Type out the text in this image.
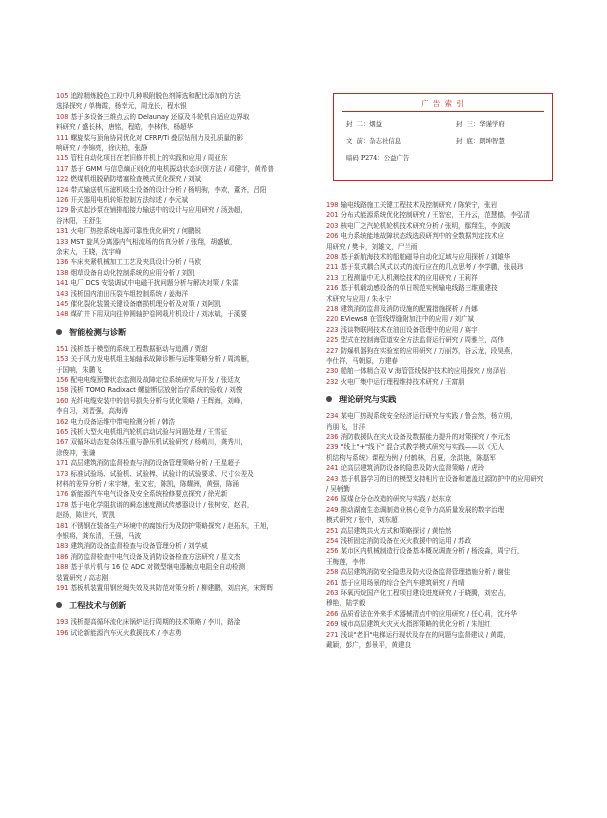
105 追踪精炼脱色工段中几种吸附脱色剂筛选和配比添加的方法
选择探究 / 单梅霞，杨幸元，周龙长，程水银
108 基于多设备三维点云的 Delaunay 还原及斗轮机自适应边界取
料研究 / 盛长林，唐铭，程皓，李林伟，杨超华
111 螺旋桨与顶角协同优化对 CFRP/Ti 叠层钻削力及孔质量的影
响研究 / 李锦亮，徐庆柏，张静
115 管柱自动化项目在老旧修井机上的实践和应用 / 周亚东
117 基于 GMM 与信息熵正则化的电机振动状态识别方法 / 邓健宇，黄希普
122 燃煤机组脱硝防堵塞检查模式优化探究 / 刘斌
124 带式输送机压滤机吸尘设备的设计分析 / 杨明驹，李欢，董齐，吕阳
126 开关器用电机转矩控制方法综述 / 李元斌
129 卧式起沙泵在铺排船接力输送中的设计与应用研究 / 汤劲超，
谷沐阳，王舒生
131 火电厂热控系统电源可靠性优化研究 / 何鹏锐
133 MST 旋风分离器内气相流场的仿真分析 / 张翔，胡盛敏，
余宋大，王晓，沈宇峰
136 车床夹紧机械加工工艺及夹具设计分析 / 马欧
138 烟草设备自动化控制系统的应用分析 / 刘凯
141 电厂 DCS 安装调试中电磁干扰问题分析与解决对策 / 朱雷
143 浅析国内油田压裂车组控制系统 / 姜海洋
145 催化裂化装置关键设备磨损机理分析及对策 / 刘阿凯
148 煤矿井下用双向往仲圆轴护卷网栽片机设计 / 刘冰斌，于溪要
智能检测与诊断
151 浅析基于模型的系统工程数据驱动与追溯 / 贾甜
153 关于风力发电机组主轴轴承故障诊断与运维策略分析 / 周鸿雁，
于国响，朱鹏飞
156 配电电缆预警状态监测及故障定位系统研究与开发 / 张廷友
158 浅析 TOMO Radixact 螺旋断层放射治疗系统的验收 / 刘俊
160 光纤电缆安装中的信号损失分析与优化策略 / 王辉海，刘峰，
李自习，刘晋强，高海涛
162 电力设备运维中带电检测分析 / 韩浩
165 浅析大型火电机组汽轮机启动试验与问题处理 / 王雪征
167 双循环动态复杂体压重与静压机试验研究 / 杨萌川，龚秀川，
涂俊冲，张谦
171 高层建筑消防监督检查与消防设备管理策略分析 / 王星超子
173 标准试验场、试验机、试验棒、试验计的试验要求、尺寸公差及
材料的差异分析 / 宋宇塘，张文宏，陈凯，陈耀洲，黄强，陈涌
176 新能源汽车电气设备及安全系统检修要点探究 / 徐光新
178 基于电化学阻抗谱的瞬态速度测试传感器设计 / 张树安，赵君，
赵扬，陈世兴，贾凯
181 不锈钢在装备生产环境中的腐蚀行为及防护策略探究 / 赵拓东，王旭，
李银将，龚东清，王强，马波
183 建筑消防设备监督检查与设备管理分析 / 刘学威
186 消防监督检查中电气设备及消防设备检查方法研究 / 星文杰
188 基于单片机与 16 位 ADC 对微型继电器触点电阻全自动检测
装置研究 / 高志刚
191 基板机装置用钢丝绳失效及其防范对策分析 / 柳建鹏，刘启宾，宋辉辉
工程技术与创新
193 浅析提高循环流化床锅炉运行周期的技术策略 / 李川，路淦
196 试论新能源汽车灭火救援技术 / 李志勇
广 告 索 引
封  二：烟益	封  三：华谨学府
文  前：杂志社信息	封  底：朗坤智慧
暗码 P274：公益广告
198 输电线路施工关键工程技术及控制研究 / 陈荣宁，张岩
201 分布式能源系统优化控制研究 / 王智宏，王丹云，范慧德，李弘清
203 核电厂之汽轮机轮机技术研究分析 / 张明，鄢翔生，李剑波
206 电力系统能地故障状态线选段研判中的全数据判定技术应
用研究 / 樊卡，刘雄文，尸兰雨
208 基于新航海技术的船舶磁导自动化辽域与应用探析 / 刘雄华
211 基于泵式耦合风式以式的流行应在的几点思考 / 李学鹏，张晨玮
213 工程测量中无人机测绘技术的应用研究 / 王莉祥
216 基于机载动感设备的单日规范实例输电线路三维重建技
术研究与应用 / 朱永宁
218 建筑消防监督及消防设施的配置措施探析 / 肖娜
220 EViews8 在管线焊缝附加注中的应用 / 刘广斌
223 浅谈物联网技术在油田设备管理中的应用 / 赛宇
225 型式在控制海管道安全方法监督运行研究 / 周雅兰，高伟
227 防爆机器狗在实验室的应用研究 / 万丽苏，谷云龙，段昊燕，
李仕祥，马朝原，方建春
230 船舶一体精合双 V 海管管线保护技术的应用探究 / 房泽岩
232 火电厂集中运行理程维持技术研究 / 王富朋
理论研究与实践
234 某电厂热现系统安全经济运行研究与实践 / 鲁会然，杨立明，
肖朋飞，甘洋
236 消防救援队在灾火设备及数据能力提升的对策探究 / 李元杰
239 "线上"+"线下" 混合式教学模式研究与实践——以《无人
机结构与系统》课程为例 / 付鹤林，吕夏，余洪艳，陈磊军
241 论高层建筑消防设备的隐患及防火监督策略 / 虎玲
243 基于机器学习的目的模型支持相片在设备和遮盖过源防护中的应用研究
/ 吴柄勤
246 原煤仓分仓改造的研究与实践 / 赵东京
249 推动湖南生态调制造业核心竞争力高质量发展的数字治理
模式研究 / 张中，刘东超
251 高层建筑共火方式和策略探讨 / 黄怡然
254 浅析固定消防设备在灭火救援中的运用 / 苏政
256 某市区内机械制造行设备基本概况调查分析 / 杨浚淼，周宁行，
王梅莲，李伟
258 高层建筑消防安全隐患及防火设备监督管理措施分析 / 谢佳
261 基于应用场景的综合全汽车建筑研究 / 肖晴
263 环氧丙烷国产化工程项目建设进度研究 / 于晓腾，刘宏吉，
穆艳，陆学毅
266 品质看法在外来手术器械清点中的应用研究 / 任心莉，沈丹华
269 城市高层建筑火灾灭火指挥策略的优化分析 / 朱旭红
271 浅谈"老旧"电梯运行现状及存在的问题与监督建议 / 黄霞，
戴颖，彭广，彭景平，黄建良
